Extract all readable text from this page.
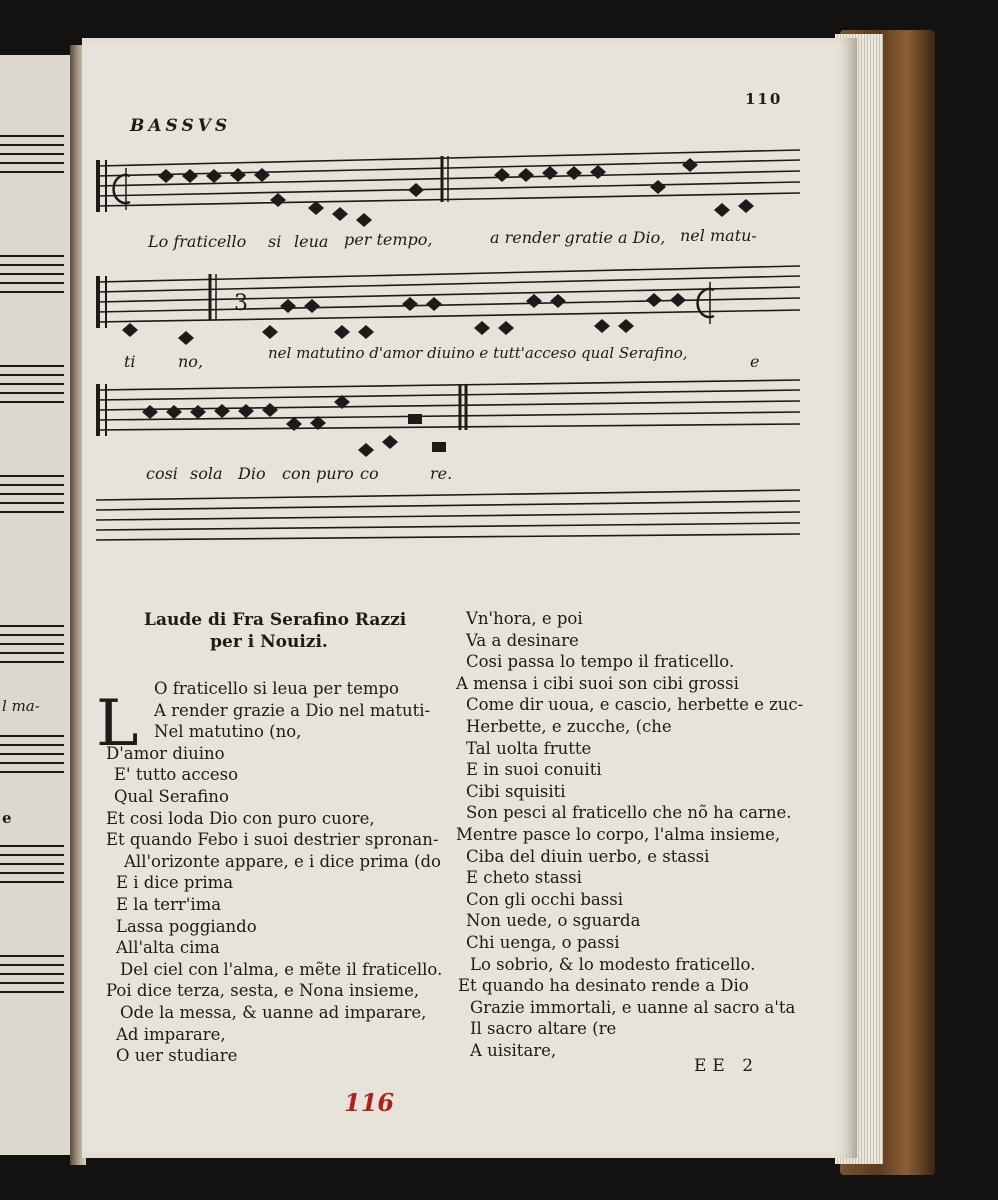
l ma-
e
110
BASSVS
3
Lo fraticello si leua per tempo,	a render gratie a Dio, nel matu-
ti	no,	nel matutino d'amor diuino e tutt'acceso qual Serafino,	e
cosi sola Dio con puro co	re.
Laude di Fra Serafino Razzi
per i Nouizi.
L O fraticello si leua per tempo
A render grazie a Dio nel matuti-
Nel matutino (no,
D'amor diuino
E' tutto acceso
Qual Serafino
Et cosi loda Dio con puro cuore,
Et quando Febo i suoi destrier spronan-
All'orizonte appare, e i dice prima (do
E i dice prima
E la terr'ima
Lassa poggiando
All'alta cima
Del ciel con l'alma, e mẽte il fraticello.
Poi dice terza, sesta, e Nona insieme,
Ode la messa, & uanne ad imparare,
Ad imparare,
O uer studiare
Vn'hora, e poi
Va a desinare
Cosi passa lo tempo il fraticello.
A mensa i cibi suoi son cibi grossi
Come dir uoua, e cascio, herbette e zuc-
Herbette, e zucche, (che
Tal uolta frutte
E in suoi conuiti
Cibi squisiti
Son pesci al fraticello che nõ ha carne.
Mentre pasce lo corpo, l'alma insieme,
Ciba del diuin uerbo, e stassi
E cheto stassi
Con gli occhi bassi
Non uede, o sguarda
Chi uenga, o passi
Lo sobrio, & lo modesto fraticello.
Et quando ha desinato rende a Dio
Grazie immortali, e uanne al sacro a'ta
Il sacro altare (re
A uisitare,
EE 2
116
